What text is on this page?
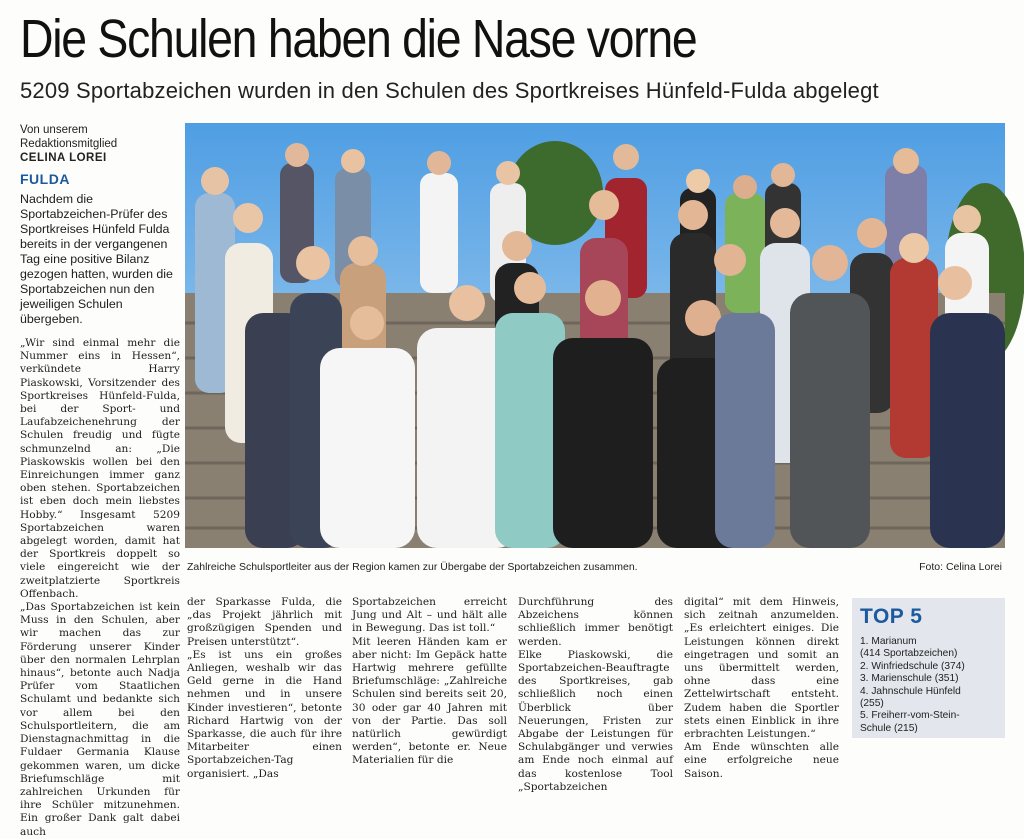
Die Schulen haben die Nase vorne
5209 Sportabzeichen wurden in den Schulen des Sportkreises Hünfeld-Fulda abgelegt
Von unserem
Redaktionsmitglied
CELINA LOREI
FULDA

Nachdem die Sportabzeichen-Prüfer des Sportkreises Hünfeld Fulda bereits in der vergangenen Tag eine positive Bilanz gezogen hatten, wurden die Sportabzeichen nun den jeweiligen Schulen übergeben.

„Wir sind einmal mehr die Nummer eins in Hessen“, verkündete Harry Piaskowski, Vorsitzender des Sportkreises Hünfeld-Fulda, bei der Sport- und Laufabzeichenehrung der Schulen freudig und fügte schmunzelnd an: „Die Piaskowskis wollen bei den Einreichungen immer ganz oben stehen. Sportabzeichen ist eben doch mein liebstes Hobby.“ Insgesamt 5209 Sportabzeichen waren abgelegt worden, damit hat der Sportkreis doppelt so viele eingereicht wie der zweitplatzierte Sportkreis Offenbach.

„Das Sportabzeichen ist kein Muss in den Schulen, aber wir machen das zur Förderung unserer Kinder über den normalen Lehrplan hinaus“, betonte auch Nadja Prüfer vom Staatlichen Schulamt und bedankte sich vor allem bei den Schulsportleitern, die am Dienstagnachmittag in die Fuldaer Germania Klause gekommen waren, um dicke Briefumschläge mit zahlreichen Urkunden für ihre Schüler mitzunehmen. Ein großer Dank galt dabei auch

Zahlreiche Schulsportleiter aus der Region kamen zur Übergabe der Sportabzeichen zusammen.	Foto: Celina Lorei

der Sparkasse Fulda, die „das Projekt jährlich mit großzügigen Spenden und Preisen unterstützt“.

„Es ist uns ein großes Anliegen, weshalb wir das Geld gerne in die Hand nehmen und in unsere Kinder investieren“, betonte Richard Hartwig von der Sparkasse, die auch für ihre Mitarbeiter einen Sportabzeichen-Tag organisiert. „Das

Sportabzeichen erreicht Jung und Alt – und hält alle in Bewegung. Das ist toll.“

Mit leeren Händen kam er aber nicht: Im Gepäck hatte Hartwig mehrere gefüllte Briefumschläge: „Zahlreiche Schulen sind bereits seit 20, 30 oder gar 40 Jahren mit von der Partie. Das soll natürlich gewürdigt werden“, betonte er. Neue Materialien für die

Durchführung des Abzeichens können schließlich immer benötigt werden.

Elke Piaskowski, die Sportabzeichen-Beauftragte des Sportkreises, gab schließlich noch einen Überblick über Neuerungen, Fristen zur Abgabe der Leistungen für Schulabgänger und verwies am Ende noch einmal auf das kostenlose Tool „Sportabzeichen

digital“ mit dem Hinweis, sich zeitnah anzumelden. „Es erleichtert einiges. Die Leistungen können direkt eingetragen und somit an uns übermittelt werden, ohne dass eine Zettelwirtschaft entsteht. Zudem haben die Sportler stets einen Einblick in ihre erbrachten Leistungen.“

Am Ende wünschten alle eine erfolgreiche neue Saison.

TOP 5
1. Marianum
(414 Sportabzeichen)
2. Winfriedschule (374)
3. Marienschule (351)
4. Jahnschule Hünfeld
(255)
5. Freiherr-vom-Stein-
Schule (215)
